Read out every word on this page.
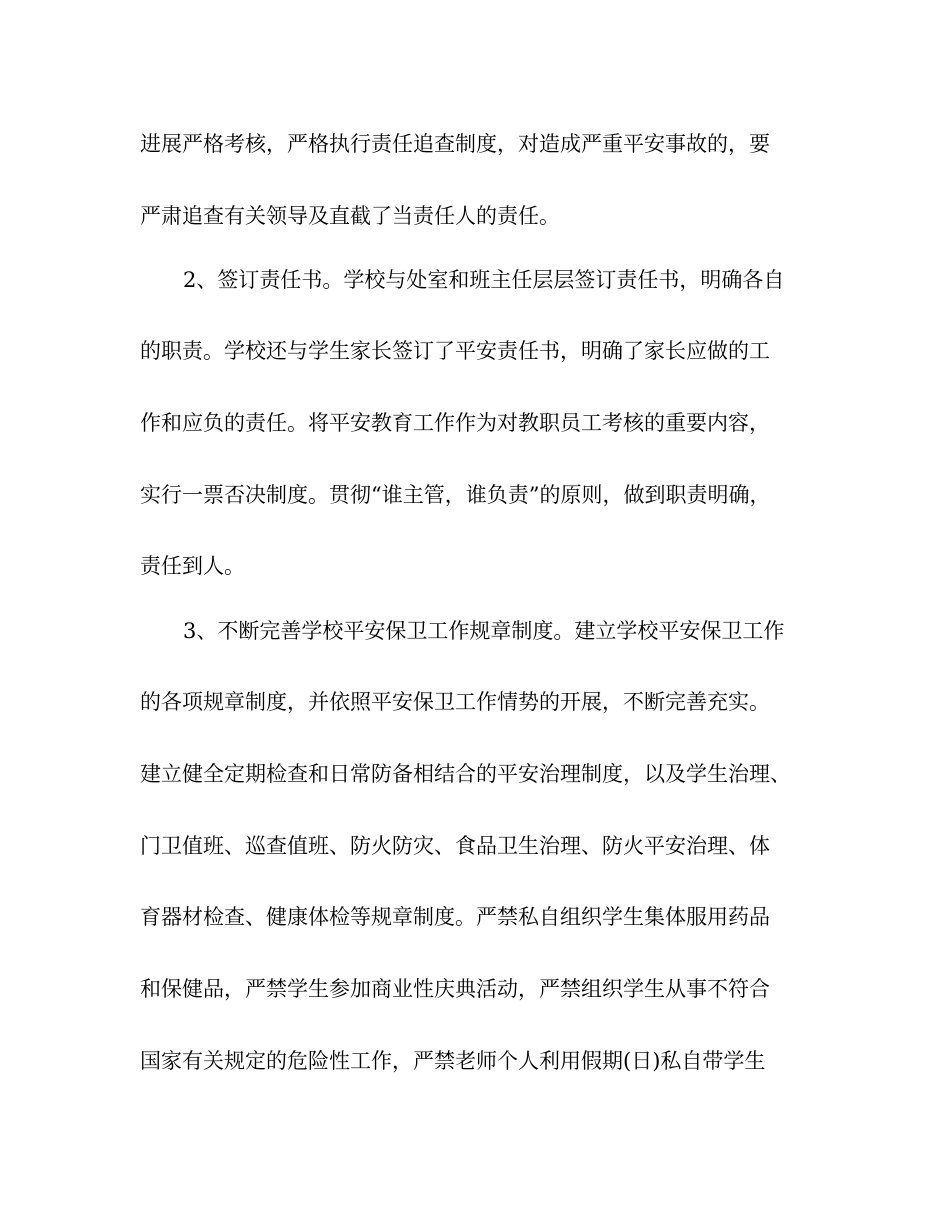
进展严格考核，严格执行责任追查制度，对造成严重平安事故的，要
严肃追查有关领导及直截了当责任人的责任。
2、签订责任书。学校与处室和班主任层层签订责任书，明确各自
的职责。学校还与学生家长签订了平安责任书，明确了家长应做的工
作和应负的责任。将平安教育工作作为对教职员工考核的重要内容，
实行一票否决制度。贯彻“谁主管，谁负责”的原则，做到职责明确，
责任到人。
3、不断完善学校平安保卫工作规章制度。建立学校平安保卫工作
的各项规章制度，并依照平安保卫工作情势的开展，不断完善充实。
建立健全定期检查和日常防备相结合的平安治理制度，以及学生治理、
门卫值班、巡查值班、防火防灾、食品卫生治理、防火平安治理、体
育器材检查、健康体检等规章制度。严禁私自组织学生集体服用药品
和保健品，严禁学生参加商业性庆典活动，严禁组织学生从事不符合
国家有关规定的危险性工作，严禁老师个人利用假期(日)私自带学生
